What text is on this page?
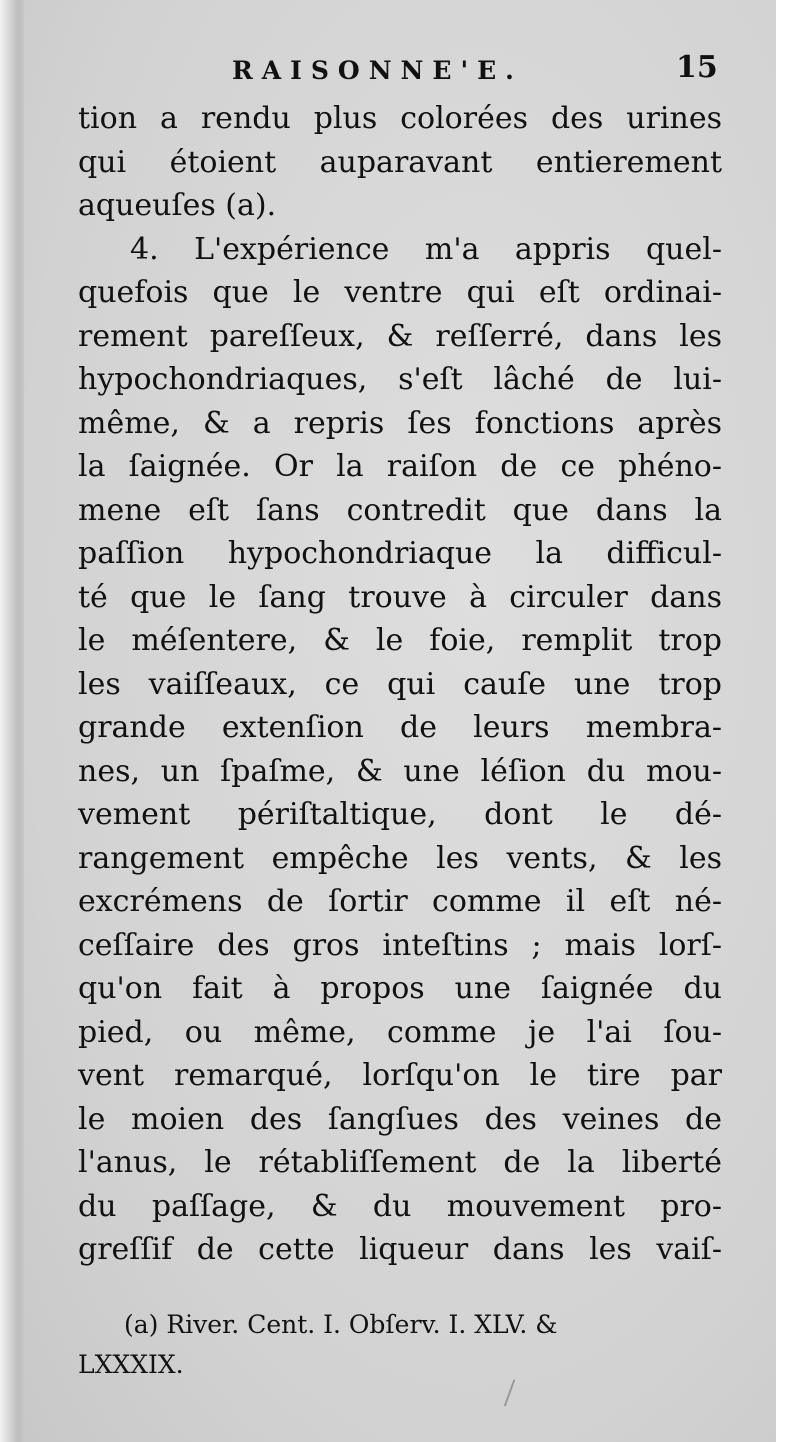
RAISONNE'E.	15
tion a rendu plus colorées des urines
qui étoient auparavant entierement
aqueuſes (a).
4. L'expérience m'a appris quel-
quefois que le ventre qui eſt ordinai-
rement pareſſeux, & reſſerré, dans les
hypochondriaques, s'eſt lâché de lui-
même, & a repris ſes fonctions après
la ſaignée. Or la raiſon de ce phéno-
mene eſt ſans contredit que dans la
paſſion hypochondriaque la difficul-
té que le ſang trouve à circuler dans
le méſentere, & le foie, remplit trop
les vaiſſeaux, ce qui cauſe une trop
grande extenſion de leurs membra-
nes, un ſpaſme, & une léſion du mou-
vement périſtaltique, dont le dé-
rangement empêche les vents, & les
excrémens de ſortir comme il eſt né-
ceſſaire des gros inteſtins ; mais lorſ-
qu'on fait à propos une ſaignée du
pied, ou même, comme je l'ai ſou-
vent remarqué, lorſqu'on le tire par
le moien des ſangſues des veines de
l'anus, le rétabliſſement de la liberté
du paſſage, & du mouvement pro-
greſſif de cette liqueur dans les vaiſ-
(a) River. Cent. I. Obſerv. I. XLV. &
LXXXIX.
